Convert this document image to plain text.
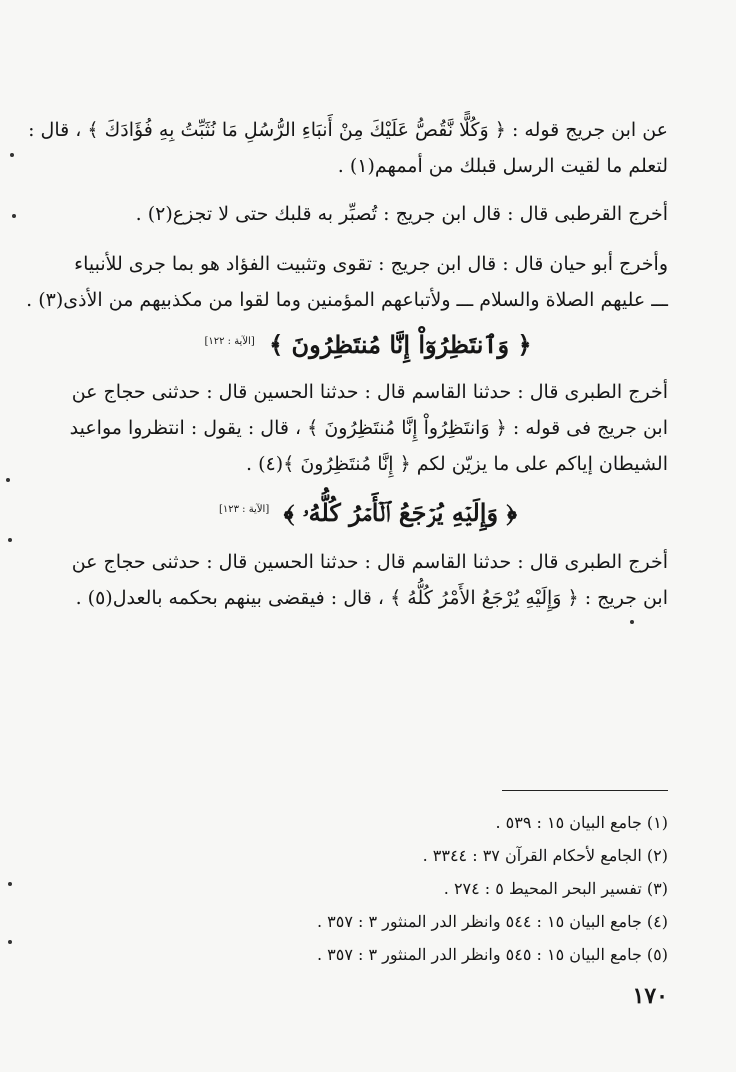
عن ابن جريج قوله : ﴿ وَكُلًّا نَّقُصُّ عَلَيْكَ مِنْ أَنبَاءِ الرُّسُلِ مَا نُثَبِّتُ بِهِ فُؤَادَكَ ﴾ ، قال :
لتعلم ما لقيت الرسل قبلك من أممهم(١) .
أخرج القرطبى قال : قال ابن جريج : تُصبِّر به قلبك حتى لا تجزع(٢) .
وأخرج أبو حيان قال : قال ابن جريج : تقوى وتثبيت الفؤاد هو بما جرى للأنبياء
ـــ عليهم الصلاة والسلام ـــ ولأتباعهم المؤمنين وما لقوا من مكذبيهم من الأذى(٣) .
﴿ وَٱنتَظِرُوٓاْ إِنَّا مُنتَظِرُونَ ﴾ [الآية : ١٢٢]
أخرج الطبرى قال : حدثنا القاسم قال : حدثنا الحسين قال : حدثنى حجاج عن
ابن جريج فى قوله : ﴿ وَانتَظِرُواْ إِنَّا مُنتَظِرُونَ ﴾ ، قال : يقول : انتظروا مواعيد
الشيطان إياكم على ما يزيّن لكم ﴿ إِنَّا مُنتَظِرُونَ ﴾(٤) .
﴿ وَإِلَيۡهِ يُرۡجَعُ ٱلۡأَمۡرُ كُلُّهُۥ ﴾ [الآية : ١٢٣]
أخرج الطبرى قال : حدثنا القاسم قال : حدثنا الحسين قال : حدثنى حجاج عن
ابن جريج : ﴿ وَإِلَيْهِ يُرْجَعُ الأَمْرُ كُلُّهُ ﴾ ، قال : فيقضى بينهم بحكمه بالعدل(٥) .
(١) جامع البيان ١٥ : ٥٣٩ .
(٢) الجامع لأحكام القرآن ٣٧ : ٣٣٤٤ .
(٣) تفسير البحر المحيط ٥ : ٢٧٤ .
(٤) جامع البيان ١٥ : ٥٤٤ وانظر الدر المنثور ٣ : ٣٥٧ .
(٥) جامع البيان ١٥ : ٥٤٥ وانظر الدر المنثور ٣ : ٣٥٧ .
١٧٠
